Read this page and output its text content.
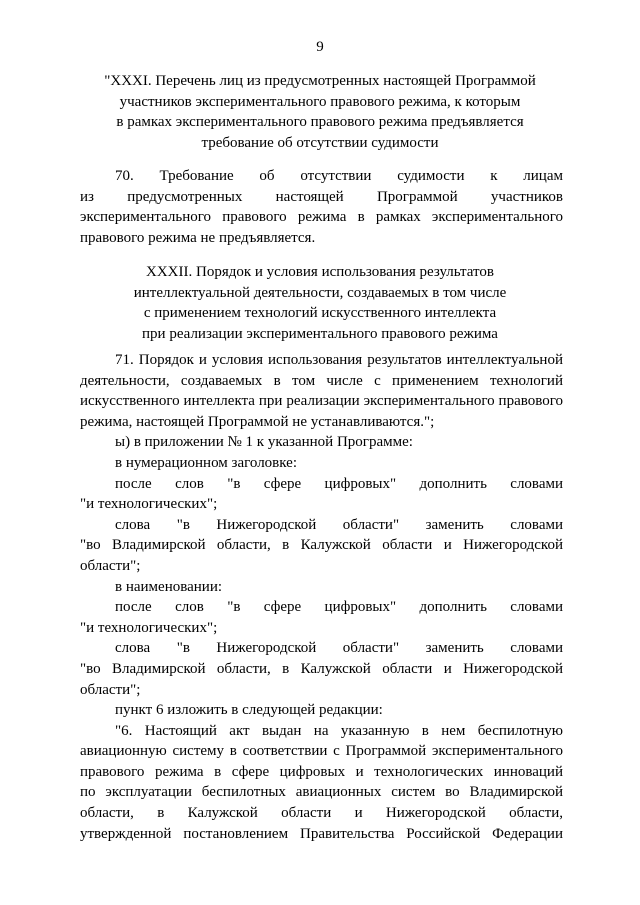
9
"XXXI. Перечень лиц из предусмотренных настоящей Программой
участников экспериментального правового режима, к которым
в рамках экспериментального правового режима предъявляется
требование об отсутствии судимости
70. Требование об отсутствии судимости к лицам
из предусмотренных настоящей Программой участников
экспериментального правового режима в рамках экспериментального
правового режима не предъявляется.
XXXII. Порядок и условия использования результатов
интеллектуальной деятельности, создаваемых в том числе
с применением технологий искусственного интеллекта
при реализации экспериментального правового режима
71. Порядок и условия использования результатов интеллектуальной
деятельности, создаваемых в том числе с применением технологий
искусственного интеллекта при реализации экспериментального правового
режима, настоящей Программой не устанавливаются.";
ы) в приложении № 1 к указанной Программе:
в нумерационном заголовке:
после слов "в сфере цифровых" дополнить словами
"и технологических";
слова "в Нижегородской области" заменить словами
"во Владимирской области, в Калужской области и Нижегородской
области";
в наименовании:
после слов "в сфере цифровых" дополнить словами
"и технологических";
слова "в Нижегородской области" заменить словами
"во Владимирской области, в Калужской области и Нижегородской
области";
пункт 6 изложить в следующей редакции:
"6. Настоящий акт выдан на указанную в нем беспилотную
авиационную систему в соответствии с Программой экспериментального
правового режима в сфере цифровых и технологических инноваций
по эксплуатации беспилотных авиационных систем во Владимирской
области, в Калужской области и Нижегородской области,
утвержденной постановлением Правительства Российской Федерации
